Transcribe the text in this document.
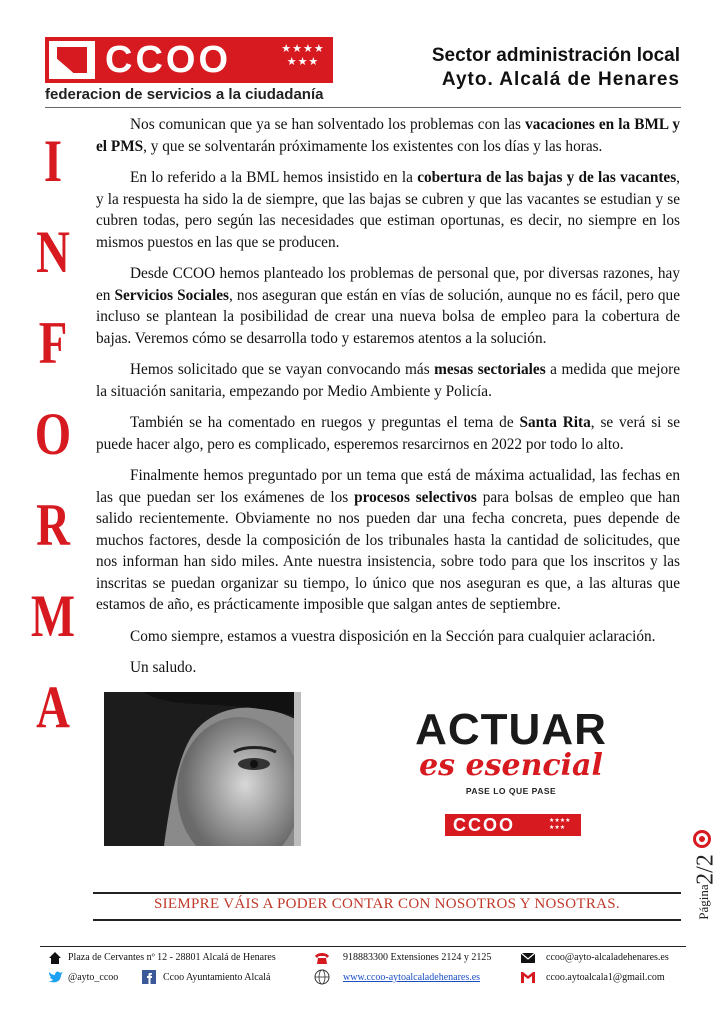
CCOO	★★★★ ★★★
federacion de servicios a la ciudadanía
Sector administración local
Ayto. Alcalá de Henares
I
N
F
O
R
M
A

Nos comunican que ya se han solventado los problemas con las vacaciones en la BML y el PMS, y que se solventarán próximamente los existentes con los días y las horas.

En lo referido a la BML hemos insistido en la cobertura de las bajas y de las vacantes, y la respuesta ha sido la de siempre, que las bajas se cubren y que las vacantes se estudian y se cubren todas, pero según las necesidades que estiman oportunas, es decir, no siempre en los mismos puestos en las que se producen.

Desde CCOO hemos planteado los problemas de personal que, por diversas razones, hay en Servicios Sociales, nos aseguran que están en vías de solución, aunque no es fácil, pero que incluso se plantean la posibilidad de crear una nueva bolsa de empleo para la cobertura de bajas. Veremos cómo se desarrolla todo y estaremos atentos a la solución.

Hemos solicitado que se vayan convocando más mesas sectoriales a medida que mejore la situación sanitaria, empezando por Medio Ambiente y Policía.

También se ha comentado en ruegos y preguntas el tema de Santa Rita, se verá si se puede hacer algo, pero es complicado, esperemos resarcirnos en 2022 por todo lo alto.

Finalmente hemos preguntado por un tema que está de máxima actualidad, las fechas en las que puedan ser los exámenes de los procesos selectivos para bolsas de empleo que han salido recientemente. Obviamente no nos pueden dar una fecha concreta, pues depende de muchos factores, desde la composición de los tribunales hasta la cantidad de solicitudes, que nos informan han sido miles. Ante nuestra insistencia, sobre todo para que los inscritos y las inscritas se puedan organizar su tiempo, lo único que nos aseguran es que, a las alturas que estamos de año, es prácticamente imposible que salgan antes de septiembre.

Como siempre, estamos a vuestra disposición en la Sección para cualquier aclaración.

Un saludo.

ACTUAR
es esencial
PASE LO QUE PASE
CCOO	★★★★ ★★★
2/2
Página
SIEMPRE VÁIS A PODER CONTAR CON NOSOTROS Y NOSOTRAS.
Plaza de Cervantes nº 12 - 28801 Alcalá de Henares	918883300 Extensiones 2124 y 2125	ccoo@ayto-alcaladehenares.es
@ayto_ccoo	Ccoo Ayuntamiento Alcalá	www.ccoo-aytoalcaladehenares.es	ccoo.aytoalcala1@gmail.com
